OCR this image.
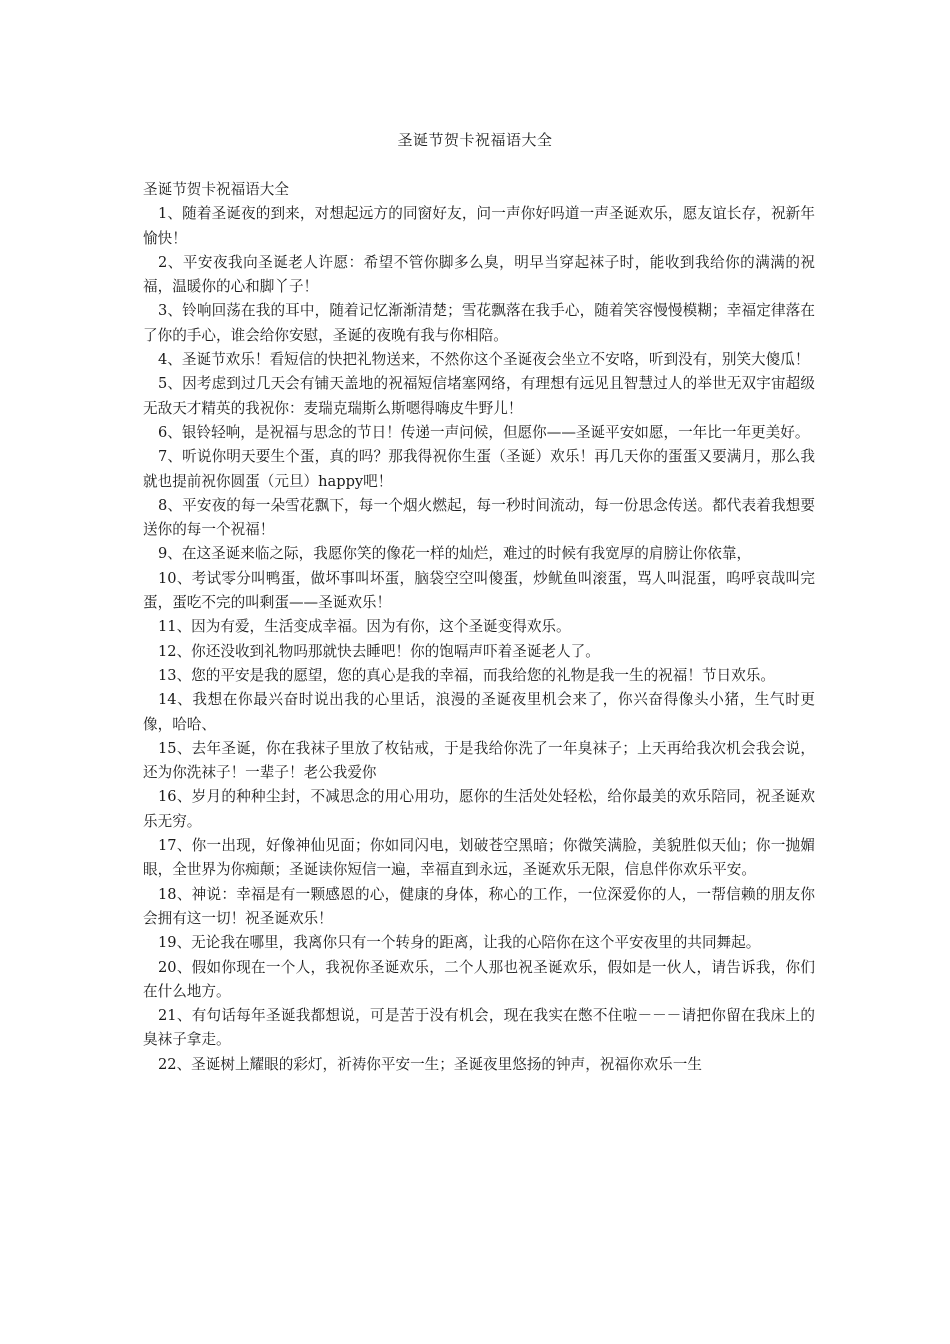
圣诞节贺卡祝福语大全

圣诞节贺卡祝福语大全

1、随着圣诞夜的到来，对想起远方的同窗好友，问一声你好吗道一声圣诞欢乐，愿友谊长存，祝新年愉快！

2、平安夜我向圣诞老人许愿：希望不管你脚多么臭，明早当穿起袜子时，能收到我给你的满满的祝福，温暖你的心和脚丫子！

3、铃响回荡在我的耳中，随着记忆渐渐清楚；雪花飘落在我手心，随着笑容慢慢模糊；幸福定律落在了你的手心，谁会给你安慰，圣诞的夜晚有我与你相陪。

4、圣诞节欢乐！看短信的快把礼物送来，不然你这个圣诞夜会坐立不安咯，听到没有，别笑大傻瓜！

5、因考虑到过几天会有铺天盖地的祝福短信堵塞网络，有理想有远见且智慧过人的举世无双宇宙超级无敌天才精英的我祝你：麦瑞克瑞斯么斯嗯得嗨皮牛野儿！

6、银铃轻响，是祝福与思念的节日！传递一声问候，但愿你——圣诞平安如愿，一年比一年更美好。

7、听说你明天要生个蛋，真的吗？那我得祝你生蛋（圣诞）欢乐！再几天你的蛋蛋又要满月，那么我就也提前祝你圆蛋（元旦）happy吧！

8、平安夜的每一朵雪花飘下，每一个烟火燃起，每一秒时间流动，每一份思念传送。都代表着我想要送你的每一个祝福！

9、在这圣诞来临之际，我愿你笑的像花一样的灿烂，难过的时候有我宽厚的肩膀让你依靠，

10、考试零分叫鸭蛋，做坏事叫坏蛋，脑袋空空叫傻蛋，炒鱿鱼叫滚蛋，骂人叫混蛋，呜呼哀哉叫完蛋，蛋吃不完的叫剩蛋——圣诞欢乐！

11、因为有爱，生活变成幸福。因为有你，这个圣诞变得欢乐。

12、你还没收到礼物吗那就快去睡吧！你的饱嗝声吓着圣诞老人了。

13、您的平安是我的愿望，您的真心是我的幸福，而我给您的礼物是我一生的祝福！节日欢乐。

14、我想在你最兴奋时说出我的心里话，浪漫的圣诞夜里机会来了，你兴奋得像头小猪，生气时更像，哈哈、

15、去年圣诞，你在我袜子里放了枚钻戒，于是我给你洗了一年臭袜子；上天再给我次机会我会说，还为你洗袜子！一辈子！老公我爱你

16、岁月的种种尘封，不减思念的用心用功，愿你的生活处处轻松，给你最美的欢乐陪同，祝圣诞欢乐无穷。

17、你一出现，好像神仙见面；你如同闪电，划破苍空黑暗；你微笑满脸，美貌胜似天仙；你一抛媚眼，全世界为你痴颠；圣诞读你短信一遍，幸福直到永远，圣诞欢乐无限，信息伴你欢乐平安。

18、神说：幸福是有一颗感恩的心，健康的身体，称心的工作，一位深爱你的人，一帮信赖的朋友你会拥有这一切！祝圣诞欢乐！

19、无论我在哪里，我离你只有一个转身的距离，让我的心陪你在这个平安夜里的共同舞起。

20、假如你现在一个人，我祝你圣诞欢乐，二个人那也祝圣诞欢乐，假如是一伙人，请告诉我，你们在什么地方。

21、有句话每年圣诞我都想说，可是苦于没有机会，现在我实在憋不住啦－－－请把你留在我床上的臭袜子拿走。

22、圣诞树上耀眼的彩灯，祈祷你平安一生；圣诞夜里悠扬的钟声，祝福你欢乐一生
